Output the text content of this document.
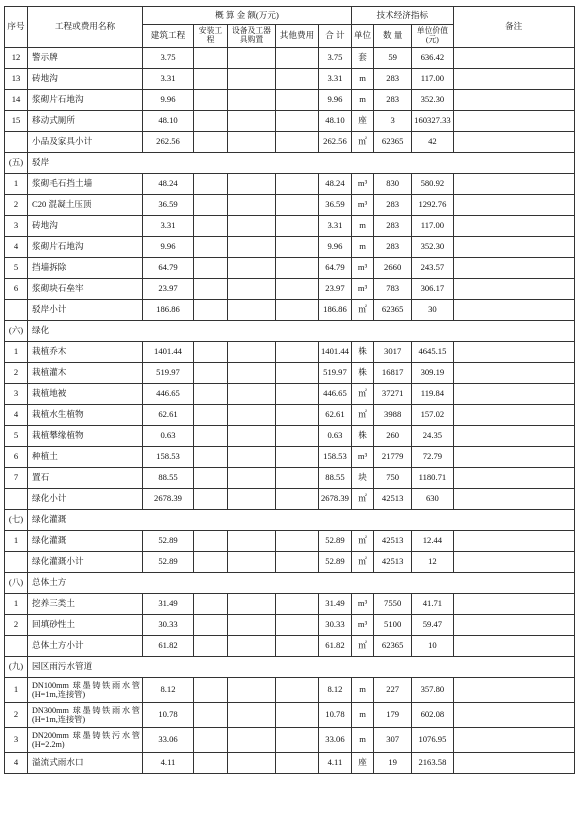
序号	工程或费用名称	概 算 金 额(万元)					技术经济指标			备注
		建筑工程	安装工程	设备及工器具购置	其他费用	合 计	单位	数 量	单位价值(元)	
12	警示牌	3.75				3.75	套	59	636.42	
13	砖地沟	3.31				3.31	m	283	117.00	
14	浆砌片石地沟	9.96				9.96	m	283	352.30	
15	移动式厕所	48.10				48.10	座	3	160327.33	
	小品及家具小计	262.56				262.56	㎡	62365	42	
(五)	驳岸									
1	浆砌毛石挡土墙	48.24				48.24	m³	830	580.92	
2	C20 混凝土压顶	36.59				36.59	m³	283	1292.76	
3	砖地沟	3.31				3.31	m	283	117.00	
4	浆砌片石地沟	9.96				9.96	m	283	352.30	
5	挡墙拆除	64.79				64.79	m³	2660	243.57	
6	浆砌块石垒牢	23.97				23.97	m³	783	306.17	
	驳岸小计	186.86				186.86	㎡	62365	30	
(六)	绿化									
1	栽植乔木	1401.44				1401.44	株	3017	4645.15	
2	栽植灌木	519.97				519.97	株	16817	309.19	
3	栽植地被	446.65				446.65	㎡	37271	119.84	
4	栽植水生植物	62.61				62.61	㎡	3988	157.02	
5	栽植攀缘植物	0.63				0.63	株	260	24.35	
6	种植土	158.53				158.53	m³	21779	72.79	
7	置石	88.55				88.55	块	750	1180.71	
	绿化小计	2678.39				2678.39	㎡	42513	630	
(七)	绿化灌溉									
1	绿化灌溉	52.89				52.89	㎡	42513	12.44	
	绿化灌溉小计	52.89				52.89	㎡	42513	12	
(八)	总体土方									
1	挖养三类土	31.49				31.49	m³	7550	41.71	
2	回填砂性土	30.33				30.33	m³	5100	59.47	
	总体土方小计	61.82				61.82	㎡	62365	10	
(九)	园区雨污水管道									
1	DN100mm 球墨铸铁雨水管(H=1m,连接管)	8.12				8.12	m	227	357.80	
2	DN300mm 球墨铸铁雨水管(H=1m,连接管)	10.78				10.78	m	179	602.08	
3	DN200mm 球墨铸铁污水管(H=2.2m)	33.06				33.06	m	307	1076.95	
4	溢流式雨水口	4.11				4.11	座	19	2163.58	
